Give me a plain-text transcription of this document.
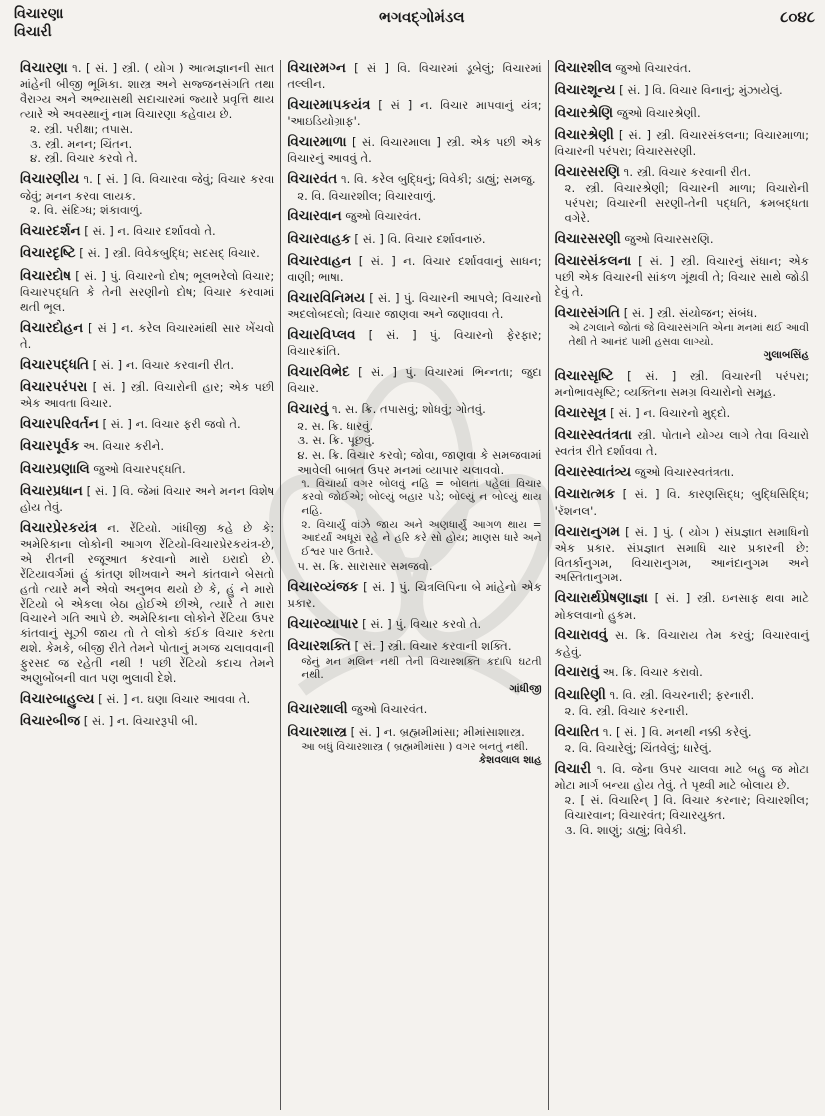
વિચારણા
વિચારી
ભગવદ્ગોમંડલ	૮૦૪૮
વિચારણા ૧. [ સં. ] સ્ત્રી. ( યોગ ) આત્મજ્ઞાનની સાત માંહેની બીજી ભૂમિકા. શાસ્ત્ર અને સજ્જનસંગતિ તથા વૈરાગ્ય અને અભ્યાસથી સદાચારમાં જ્યારે પ્રવૃત્તિ થાય ત્યારે એ અવસ્થાનું નામ વિચારણા કહેવાય છે.
૨. સ્ત્રી. પરીક્ષા; તપાસ.
૩. સ્ત્રી. મનન; ચિંતન.
૪. સ્ત્રી. વિચાર કરવો તે.
વિચારણીય ૧. [ સં. ] વિ. વિચારવા જેવું; વિચાર કરવા જેવું; મનન કરવા લાયક.
૨. વિ. સંદિગ્ધ; શંકાવાળું.
વિચારદર્શન [ સં. ] ન. વિચાર દર્શાવવો તે.
વિચારદૃષ્ટિ [ સં. ] સ્ત્રી. વિવેકબુદ્ધિ; સદસદ્ વિચાર.
વિચારદોષ [ સં. ] પું. વિચારનો દોષ; ભૂલભરેલો વિચાર; વિચારપદ્ધતિ કે તેની સરણીનો દોષ; વિચાર કરવામાં થતી ભૂલ.
વિચારદોહન [ સં ] ન. કરેલ વિચારમાંથી સાર ખેંચવો તે.
વિચારપદ્ધતિ [ સં. ] ન. વિચાર કરવાની રીત.
વિચારપરંપરા [ સં. ] સ્ત્રી. વિચારોની હાર; એક પછી એક આવતા વિચાર.
વિચારપરિવર્તન [ સં. ] ન. વિચાર ફરી જવો તે.
વિચારપૂર્વક અ. વિચાર કરીને.
વિચારપ્રણાલિ જુઓ વિચારપદ્ધતિ.
વિચારપ્રધાન [ સં. ] વિ. જેમાં વિચાર અને મનન વિશેષ હોય તેવું.
વિચારપ્રેરકયંત્ર ન. રેંટિયો. ગાંધીજી કહે છે કે: અમેરિકાના લોકોની આગળ રેંટિયો-વિચારપ્રેરકયંત્ર-છે, એ રીતની રજૂઆત કરવાનો મારો ઇરાદો છે. રેંટિયાવર્ગમાં હું કાંતણ શીખવાને અને કાંતવાને બેસતો હતો ત્યારે મને એવો અનુભવ થયો છે કે, હું ને મારો રેંટિયો બે એકલા બેઠા હોઈએ છીએ, ત્યારે તે મારા વિચારને ગતિ આપે છે. અમેરિકાના લોકોને રેંટિયા ઉપર કાંતવાનું સૂઝી જાય તો તે લોકો કંઈક વિચાર કરતા થશે. કેમકે, બીજી રીતે તેમને પોતાનું મગજ ચલાવવાની ફુરસદ જ રહેતી નથી ! પછી રેંટિયો કદાચ તેમને અણુબોંબની વાત પણ ભુલાવી દેશે.
વિચારબાહુલ્ય [ સં. ] ન. ઘણા વિચાર આવવા તે.
વિચારબીજ [ સં. ] ન. વિચારરૂપી બી.
વિચારમગ્ન [ સં ] વિ. વિચારમાં ડૂબેલું; વિચારમાં તલ્લીન.
વિચારમાપકયંત્ર [ સં ] ન. વિચાર માપવાનું યંત્ર; 'આઇડિયોગ્રાફ'.
વિચારમાળા [ સં. વિચારમાલા ] સ્ત્રી. એક પછી એક વિચારનું આવવું તે.
વિચારવંત ૧. વિ. કરેલ બુદ્ધિનું; વિવેકી; ડાહ્યું; સમજુ.
૨. વિ. વિચારશીલ; વિચારવાળું.
વિચારવાન જુઓ વિચારવંત.
વિચારવાહક [ સં. ] વિ. વિચાર દર્શાવનારું.
વિચારવાહન [ સં. ] ન. વિચાર દર્શાવવાનું સાધન; વાણી; ભાષા.
વિચારવિનિમય [ સં. ] પું. વિચારની આપલે; વિચારનો અદલોબદલો; વિચાર જાણવા અને જણાવવા તે.
વિચારવિપ્લવ [ સં. ] પું. વિચારનો ફેરફાર; વિચારક્રાંતિ.
વિચારવિભેદ [ સં. ] પું. વિચારમાં ભિન્નતા; જુદા વિચાર.
વિચારવું ૧. સ. ક્રિ. તપાસવું; શોધવું; ગોતવું.
૨. સ. ક્રિ. ધારવું.
૩. સ. ક્રિ. પૂછવું.
૪. સ. ક્રિ. વિચાર કરવો; જોવા, જાણવા કે સમજવામાં આવેલી બાબત ઉપર મનમાં વ્યાપાર ચલાવવો.
૧. વિચાર્યા વગર બોલવું નહિ = બોલતાં પહેલાં વિચાર કરવો જોઈએ; બોલ્યું બહાર પડે; બોલ્યું ન બોલ્યું થાય નહિ.
૨. વિચાર્યું વાંઝે જાય અને અણધાર્યું આગળ થાય = આદર્યાં અધૂરાં રહે ને હરિ કરે સો હોય; માણસ ધારે અને ઈશ્વર પાર ઉતારે.
૫. સ. ક્રિ. સારાસાર સમજવો.
વિચારવ્યંજક [ સં. ] પું. ચિત્રલિપિના બે માંહેનો એક પ્રકાર.
વિચારવ્યાપાર [ સં. ] પું. વિચાર કરવો તે.
વિચારશક્તિ [ સં. ] સ્ત્રી. વિચાર કરવાની શક્તિ.
જેનું મન મલિન નથી તેની વિચારશક્તિ કદાપિ ઘટતી નથી.
ગાંધીજી
વિચારશાલી જુઓ વિચારવંત.
વિચારશાસ્ત્ર [ સં. ] ન. બ્રહ્મમીમાંસા; મીમાંસાશાસ્ત્ર.
આ બધું વિચારશાસ્ત્ર ( બ્રહ્મમીમાંસા ) વગર બનતું નથી.
કેશવલાલ શાહ
વિચારશીલ જુઓ વિચારવંત.
વિચારશૂન્ય [ સં. ] વિ. વિચાર વિનાનું; મુંઝાયેલું.
વિચારશ્રેણિ જુઓ વિચારશ્રેણી.
વિચારશ્રેણી [ સં. ] સ્ત્રી. વિચારસંકલના; વિચારમાળા; વિચારની પરંપરા; વિચારસરણી.
વિચારસરણિ ૧. સ્ત્રી. વિચાર કરવાની રીત.
૨. સ્ત્રી. વિચારશ્રેણી; વિચારની માળા; વિચારોની પરંપરા; વિચારની સરણી-તેની પદ્ધતિ, ક્રમબદ્ધતા વગેરે.
વિચારસરણી જુઓ વિચારસરણિ.
વિચારસંકલના [ સં. ] સ્ત્રી. વિચારનું સંધાન; એક પછી એક વિચારની સાંકળ ગૂંથવી તે; વિચાર સાથે જોડી દેવું તે.
વિચારસંગતિ [ સં. ] સ્ત્રી. સંયોજન; સંબંધ.
એ ઢગલાને જોતાં જે વિચારસંગતિ એના મનમાં થઈ આવી તેથી તે આનંદ પામી હસવા લાગ્યો.
ગુલાબસિંહ
વિચારસૃષ્ટિ [ સં. ] સ્ત્રી. વિચારની પરંપરા; મનોભાવસૃષ્ટિ; વ્યક્તિના સમગ્ર વિચારોનો સમૂહ.
વિચારસૂત્ર [ સં. ] ન. વિચારનો મુદ્દો.
વિચારસ્વતંત્રતા સ્ત્રી. પોતાને યોગ્ય લાગે તેવા વિચારો સ્વતંત્ર રીતે દર્શાવવા તે.
વિચારસ્વાતંત્ર્ય જુઓ વિચારસ્વતંત્રતા.
વિચારાત્મક [ સં. ] વિ. કારણસિદ્ધ; બુદ્ધિસિદ્ધિ; 'રૅશનલ'.
વિચારાનુગમ [ સં. ] પું. ( યોગ ) સંપ્રજ્ઞાત સમાધિનો એક પ્રકાર. સંપ્રજ્ઞાત સમાધિ ચાર પ્રકારની છે: વિતર્કાનુગમ, વિચારાનુગમ, આનંદાનુગમ અને અસ્તિતાનુગમ.
વિચારાર્થપ્રેષણાજ્ઞા [ સં. ] સ્ત્રી. ઇનસાફ થવા માટે મોકલવાનો હુકમ.
વિચારાવવું સ. ક્રિ. વિચારાય તેમ કરવું; વિચારવાનું કહેવું.
વિચારાવું અ. ક્રિ. વિચાર કરાવો.
વિચારિણી ૧. વિ. સ્ત્રી. વિચરનારી; ફરનારી.
૨. વિ. સ્ત્રી. વિચાર કરનારી.
વિચારિત ૧. [ સં. ] વિ. મનથી નક્કી કરેલું.
૨. વિ. વિચારેલું; ચિંતવેલું; ધારેલું.
વિચારી ૧. વિ. જેના ઉપર ચાલવા માટે બહુ જ મોટા મોટા માર્ગ બન્યા હોય તેવું. તે પૃથ્વી માટે બોલાય છે.
૨. [ સં. વિચારિન્ ] વિ. વિચાર કરનાર; વિચારશીલ; વિચારવાન; વિચારવંત; વિચારયુક્ત.
૩. વિ. શાણું; ડાહ્યું; વિવેકી.
